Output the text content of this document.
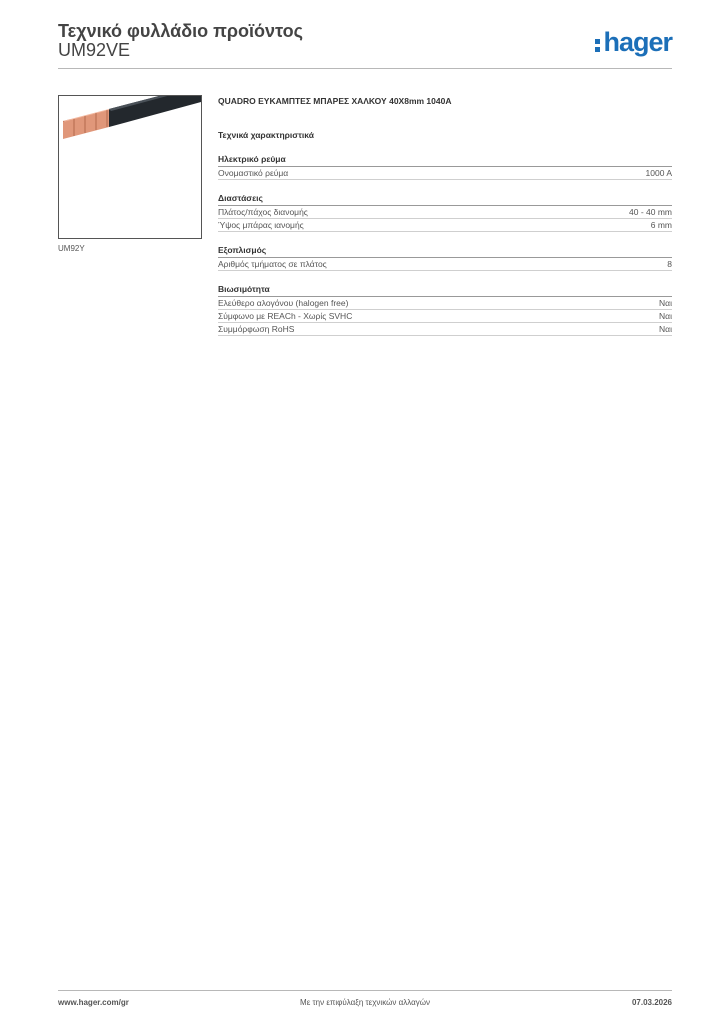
Τεχνικό φυλλάδιο προϊόντος
UM92VE	hager
UM92Y
QUADRO ΕΥΚΑΜΠΤΕΣ ΜΠΑΡΕΣ ΧΑΛΚΟΥ 40X8mm 1040A
Τεχνικά χαρακτηριστικά
Ηλεκτρικό ρεύμα
Ονομαστικό ρεύμα	1000 A
Διαστάσεις
Πλάτος/πάχος διανομής	40 - 40 mm
Ύψος μπάρας ιανομής	6 mm
Εξοπλισμός
Αριθμός τμήματος σε πλάτος	8
Βιωσιμότητα
Ελεύθερο αλογόνου (halogen free)	Ναι
Σύμφωνο με REACh - Χωρίς SVHC	Ναι
Συμμόρφωση RoHS	Ναι
www.hager.com/gr	Με την επιφύλαξη τεχνικών αλλαγών	07.03.2026
